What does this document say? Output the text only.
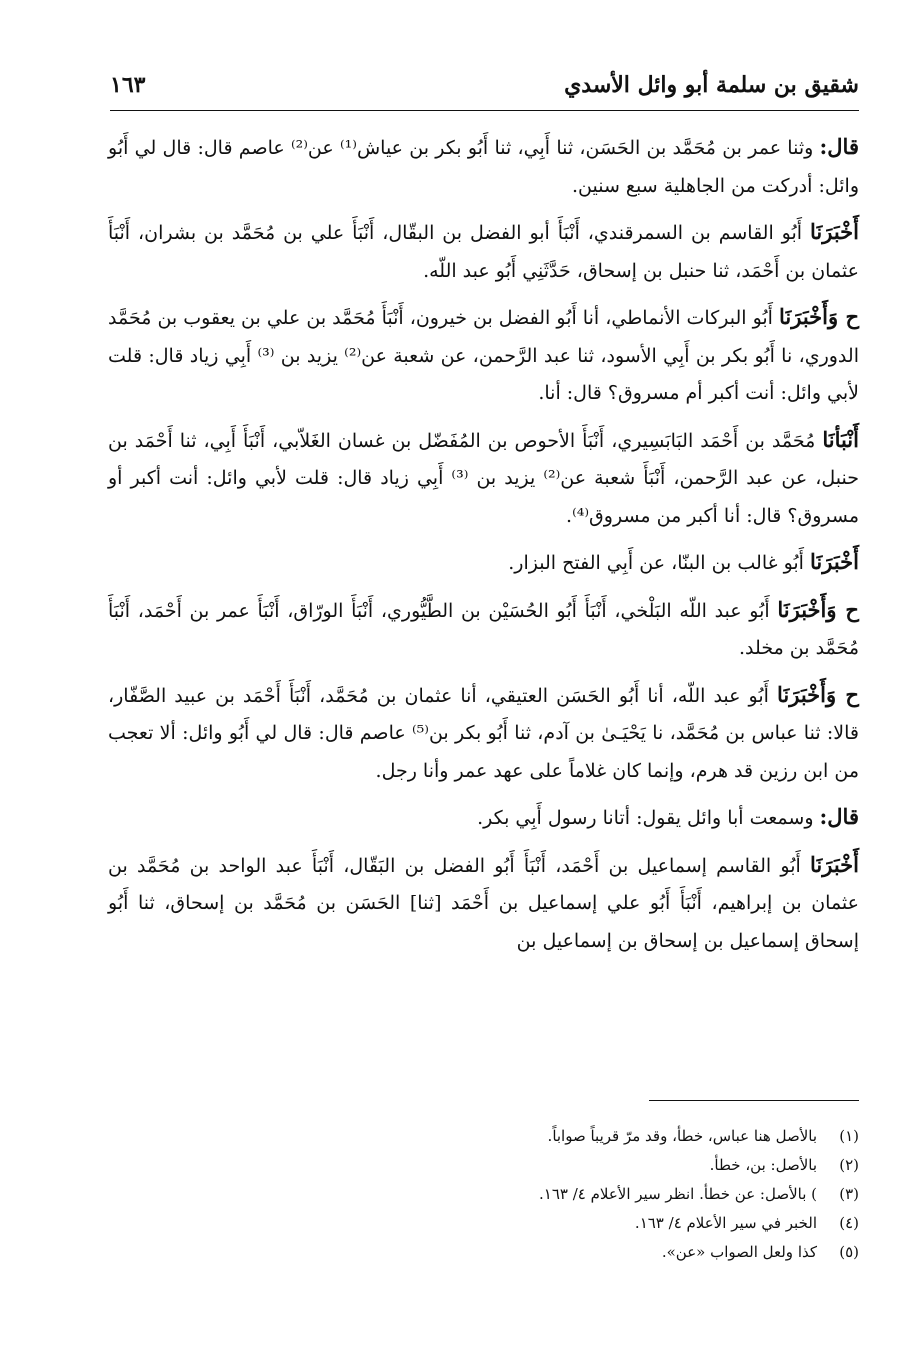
شقيق بن سلمة أبو وائل الأسدي
١٦٣

قال: وثنا عمر بن مُحَمَّد بن الحَسَن، ثنا أَبِي، ثنا أَبُو بكر بن عياش⁽¹⁾ عن⁽²⁾ عاصم قال: قال لي أَبُو وائل: أدركت من الجاهلية سبع سنين.

أَخْبَرَنَا أَبُو القاسم بن السمرقندي، أَنْبَأَ أبو الفضل بن البقّال، أَنْبَأَ علي بن مُحَمَّد بن بشران، أَنْبَأَ عثمان بن أَحْمَد، ثنا حنبل بن إسحاق، حَدَّثَنِي أَبُو عبد اللّه.

ح وَأَخْبَرَنَا أَبُو البركات الأنماطي، أنا أَبُو الفضل بن خيرون، أَنْبَأَ مُحَمَّد بن علي بن يعقوب بن مُحَمَّد الدوري، نا أَبُو بكر بن أَبِي الأسود، ثنا عبد الرَّحمن، عن شعبة عن⁽²⁾ يزيد بن ⁽³⁾ أَبِي زياد قال: قلت لأبي وائل: أنت أكبر أم مسروق؟ قال: أنا.

أَنْبَأنَا مُحَمَّد بن أَحْمَد البَابَسِيري، أَنْبَأَ الأحوص بن المُفَضّل بن غسان الغَلاّبي، أَنْبَأَ أَبِي، ثنا أَحْمَد بن حنبل، عن عبد الرَّحمن، أَنْبَأَ شعبة عن⁽²⁾ يزيد بن ⁽³⁾ أَبِي زياد قال: قلت لأبي وائل: أنت أكبر أو مسروق؟ قال: أنا أكبر من مسروق⁽⁴⁾.

أَخْبَرَنَا أَبُو غالب بن البنّا، عن أَبِي الفتح البزار.

ح وَأَخْبَرَنَا أَبُو عبد اللّه البَلْخي، أَنْبَأَ أَبُو الحُسَيْن بن الطَّيُّوري، أَنْبَأَ الورّاق، أَنْبَأَ عمر بن أَحْمَد، أَنْبَأَ مُحَمَّد بن مخلد.

ح وَأَخْبَرَنَا أَبُو عبد اللّه، أنا أَبُو الحَسَن العتيقي، أنا عثمان بن مُحَمَّد، أَنْبَأَ أَحْمَد بن عبيد الصَّفّار، قالا: ثنا عباس بن مُحَمَّد، نا يَحْيَـىٰ بن آدم، ثنا أَبُو بكر بن⁽⁵⁾ عاصم قال: قال لي أَبُو وائل: ألا تعجب من ابن رزين قد هرم، وإنما كان غلاماً على عهد عمر وأنا رجل.

قال: وسمعت أبا وائل يقول: أتانا رسول أَبِي بكر.

أَخْبَرَنَا أَبُو القاسم إسماعيل بن أَحْمَد، أَنْبَأَ أَبُو الفضل بن البَقّال، أَنْبَأَ عبد الواحد بن مُحَمَّد بن عثمان بن إبراهيم، أَنْبَأَ أَبُو علي إسماعيل بن أَحْمَد [ثنا] الحَسَن بن مُحَمَّد بن إسحاق، ثنا أَبُو إسحاق إسماعيل بن إسحاق بن إسماعيل بن

(١)بالأصل هنا عباس، خطأ، وقد مرّ قريباً صواباً.
(٢)بالأصل: بن، خطأ.
(٣)) بالأصل: عن خطأ. انظر سير الأعلام ٤/ ١٦٣.
(٤)الخبر في سير الأعلام ٤/ ١٦٣.
(٥)كذا ولعل الصواب «عن».
